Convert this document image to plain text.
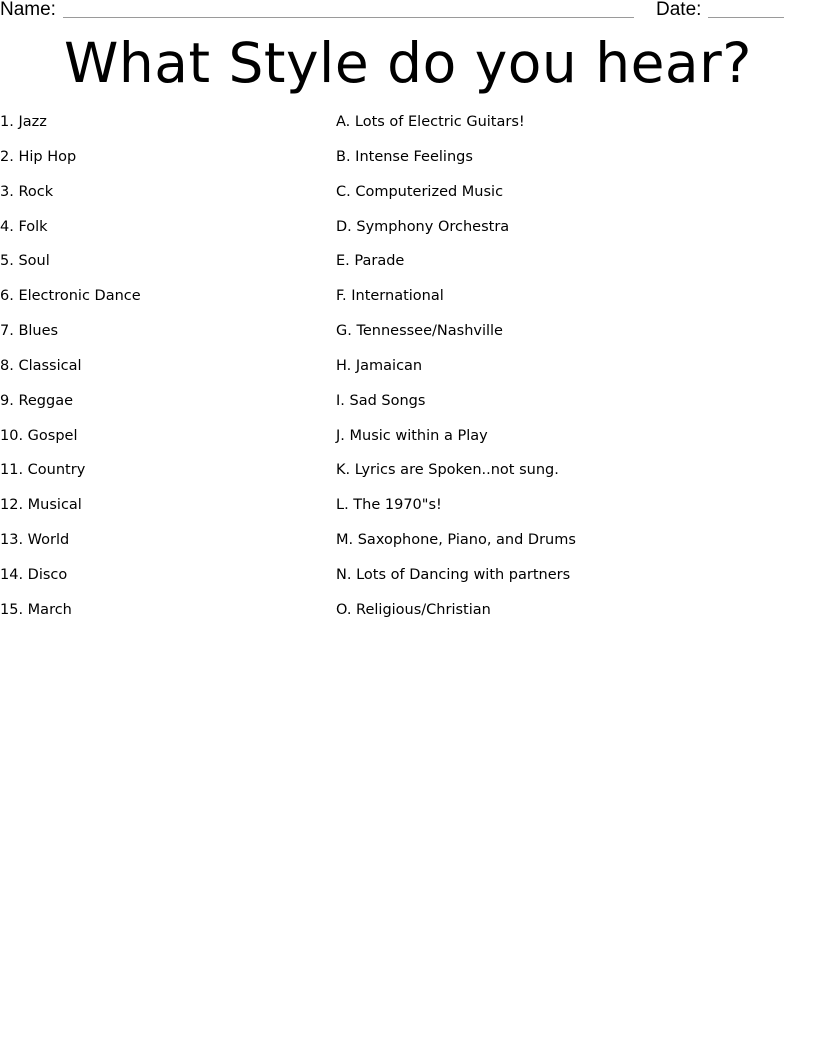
Name:	Date:
What Style do you hear?
1. Jazz
2. Hip Hop
3. Rock
4. Folk
5. Soul
6. Electronic Dance
7. Blues
8. Classical
9. Reggae
10. Gospel
11. Country
12. Musical
13. World
14. Disco
15. March
A. Lots of Electric Guitars!
B. Intense Feelings
C. Computerized Music
D. Symphony Orchestra
E. Parade
F. International
G. Tennessee/Nashville
H. Jamaican
I. Sad Songs
J. Music within a Play
K. Lyrics are Spoken..not sung.
L. The 1970"s!
M. Saxophone, Piano, and Drums
N. Lots of Dancing with partners
O. Religious/Christian
